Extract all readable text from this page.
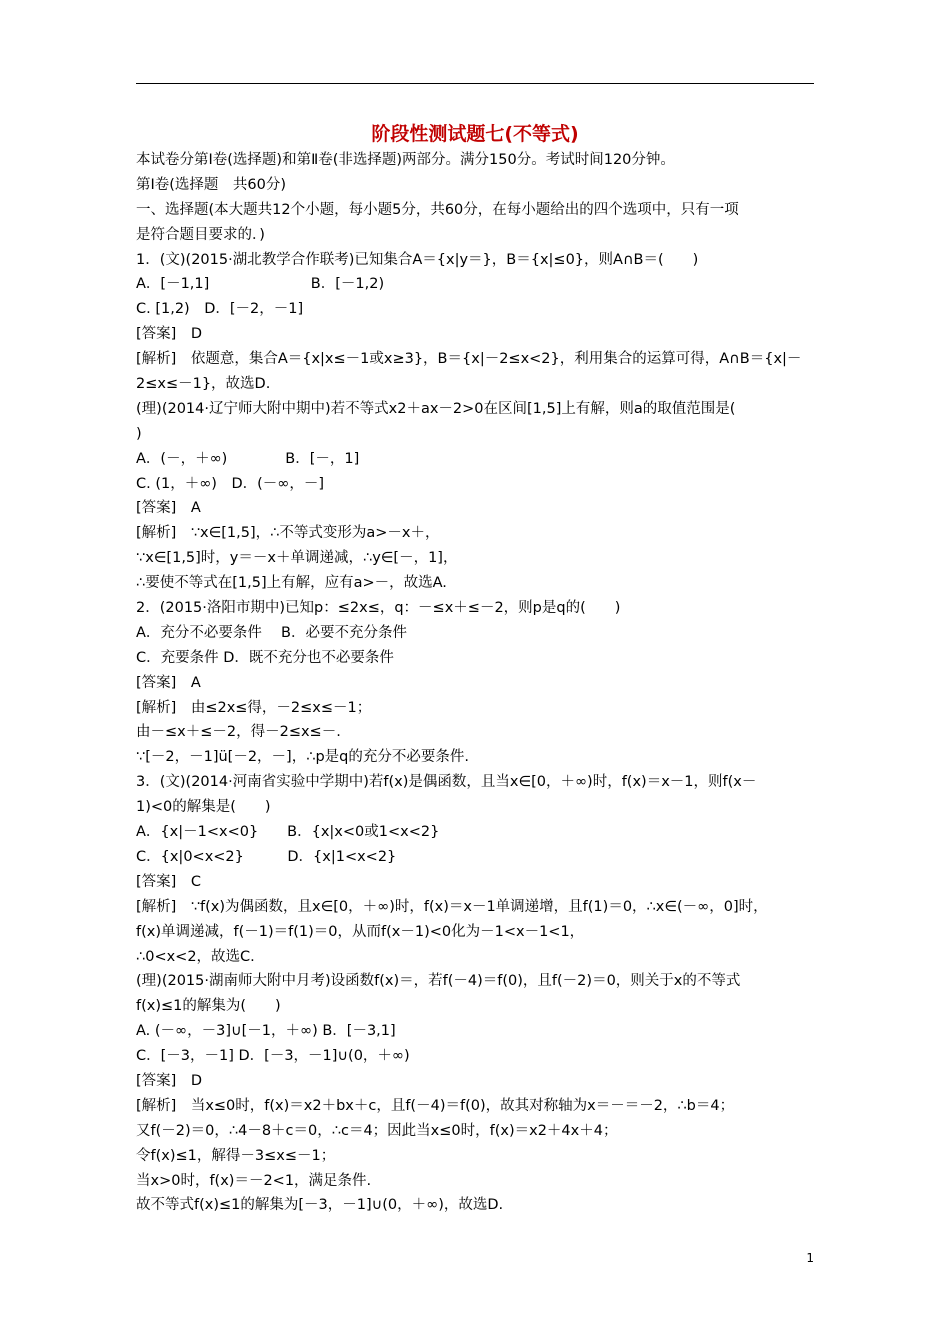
阶段性测试题七(不等式)
本试卷分第Ⅰ卷(选择题)和第Ⅱ卷(非选择题)两部分。满分150分。考试时间120分钟。
第Ⅰ卷(选择题　共60分)
一、选择题(本大题共12个小题，每小题5分，共60分，在每小题给出的四个选项中，只有一项
是符合题目要求的．)
1．(文)(2015·湖北教学合作联考)已知集合A＝{x|y＝}，B＝{x|≤0}，则A∩B＝(　　)
A．[－1,1]　　　　　　　B．[－1,2)
C. [1,2)　D．[－2，－1]
[答案]　D
[解析]　依题意，集合A＝{x|x≤－1或x≥3}，B＝{x|－2≤x<2}，利用集合的运算可得，A∩B＝{x|－
2≤x≤－1}，故选D.
(理)(2014·辽宁师大附中期中)若不等式x2＋ax－2>0在区间[1,5]上有解，则a的取值范围是(
)
A．(－，＋∞)　　　　B．[－，1]
C. (1，＋∞)　D．(－∞，－]
[答案]　A
[解析]　∵x∈[1,5]，∴不等式变形为a>－x＋，
∵x∈[1,5]时，y＝－x＋单调递减，∴y∈[－，1]，
∴要使不等式在[1,5]上有解，应有a>－，故选A.
2．(2015·洛阳市期中)已知p：≤2x≤，q：－≤x＋≤－2，则p是q的(　　)
A．充分不必要条件　 B．必要不充分条件
C．充要条件 D．既不充分也不必要条件
[答案]　A
[解析]　由≤2x≤得，－2≤x≤－1；
由－≤x＋≤－2，得－2≤x≤－.
∵[－2，－1]ü[－2，－]，∴p是q的充分不必要条件.
3．(文)(2014·河南省实验中学期中)若f(x)是偶函数，且当x∈[0，＋∞)时，f(x)＝x－1，则f(x－
1)<0的解集是(　　)
A．{x|－1<x<0}　　B．{x|x<0或1<x<2}
C．{x|0<x<2}　　　D．{x|1<x<2}
[答案]　C
[解析]　∵f(x)为偶函数，且x∈[0，＋∞)时，f(x)＝x－1单调递增，且f(1)＝0，∴x∈(－∞，0]时，
f(x)单调递减，f(－1)＝f(1)＝0，从而f(x－1)<0化为－1<x－1<1，
∴0<x<2，故选C.
(理)(2015·湖南师大附中月考)设函数f(x)＝，若f(－4)＝f(0)，且f(－2)＝0，则关于x的不等式
f(x)≤1的解集为(　　)
A. (－∞，－3]∪[－1，＋∞) B．[－3,1]
C．[－3，－1] D．[－3，－1]∪(0，＋∞)
[答案]　D
[解析]　当x≤0时，f(x)＝x2＋bx＋c，且f(－4)＝f(0)，故其对称轴为x＝－＝－2，∴b＝4；
又f(－2)＝0，∴4－8＋c＝0，∴c＝4；因此当x≤0时，f(x)＝x2＋4x＋4；
令f(x)≤1，解得－3≤x≤－1；
当x>0时，f(x)＝－2<1，满足条件.
故不等式f(x)≤1的解集为[－3，－1]∪(0，＋∞)，故选D.
1
